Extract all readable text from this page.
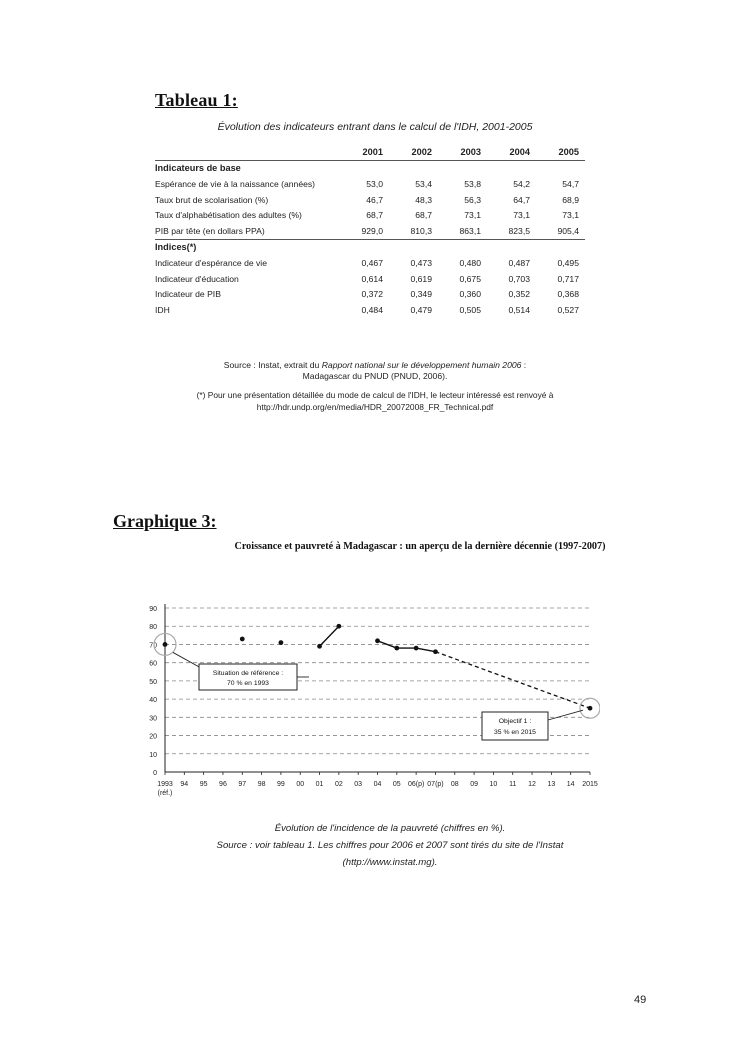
Tableau 1:
Évolution des indicateurs entrant dans le calcul de l'IDH, 2001-2005
	2001	2002	2003	2004	2005
Indicateurs de base					
Espérance de vie à la naissance (années)	53,0	53,4	53,8	54,2	54,7
Taux brut de scolarisation (%)	46,7	48,3	56,3	64,7	68,9
Taux d'alphabétisation des adultes (%)	68,7	68,7	73,1	73,1	73,1
PIB par tête (en dollars PPA)	929,0	810,3	863,1	823,5	905,4
Indices(*)					
Indicateur d'espérance de vie	0,467	0,473	0,480	0,487	0,495
Indicateur d'éducation	0,614	0,619	0,675	0,703	0,717
Indicateur de PIB	0,372	0,349	0,360	0,352	0,368
IDH	0,484	0,479	0,505	0,514	0,527
Source : Instat, extrait du Rapport national sur le développement humain 2006 :
Madagascar du PNUD (PNUD, 2006).
(*) Pour une présentation détaillée du mode de calcul de l'IDH, le lecteur intéressé est renvoyé à
http://hdr.undp.org/en/media/HDR_20072008_FR_Technical.pdf
Graphique 3:
Croissance et pauvreté à Madagascar : un aperçu de la dernière décennie (1997-2007)
0
10
20
30
40
50
60
70
80
90
1993 94 95 96 97 98 99 00 01 02 03 04 05 06(p) 07(p) 08 09 10 11 12 13 14 2015
(réf.)
Situation de référence :
70 % en 1993
Objectif 1 :
35 % en 2015
Évolution de l'incidence de la pauvreté (chiffres en %).
Source : voir tableau 1. Les chiffres pour 2006 et 2007 sont tirés du site de l'Instat
(http://www.instat.mg).
49
